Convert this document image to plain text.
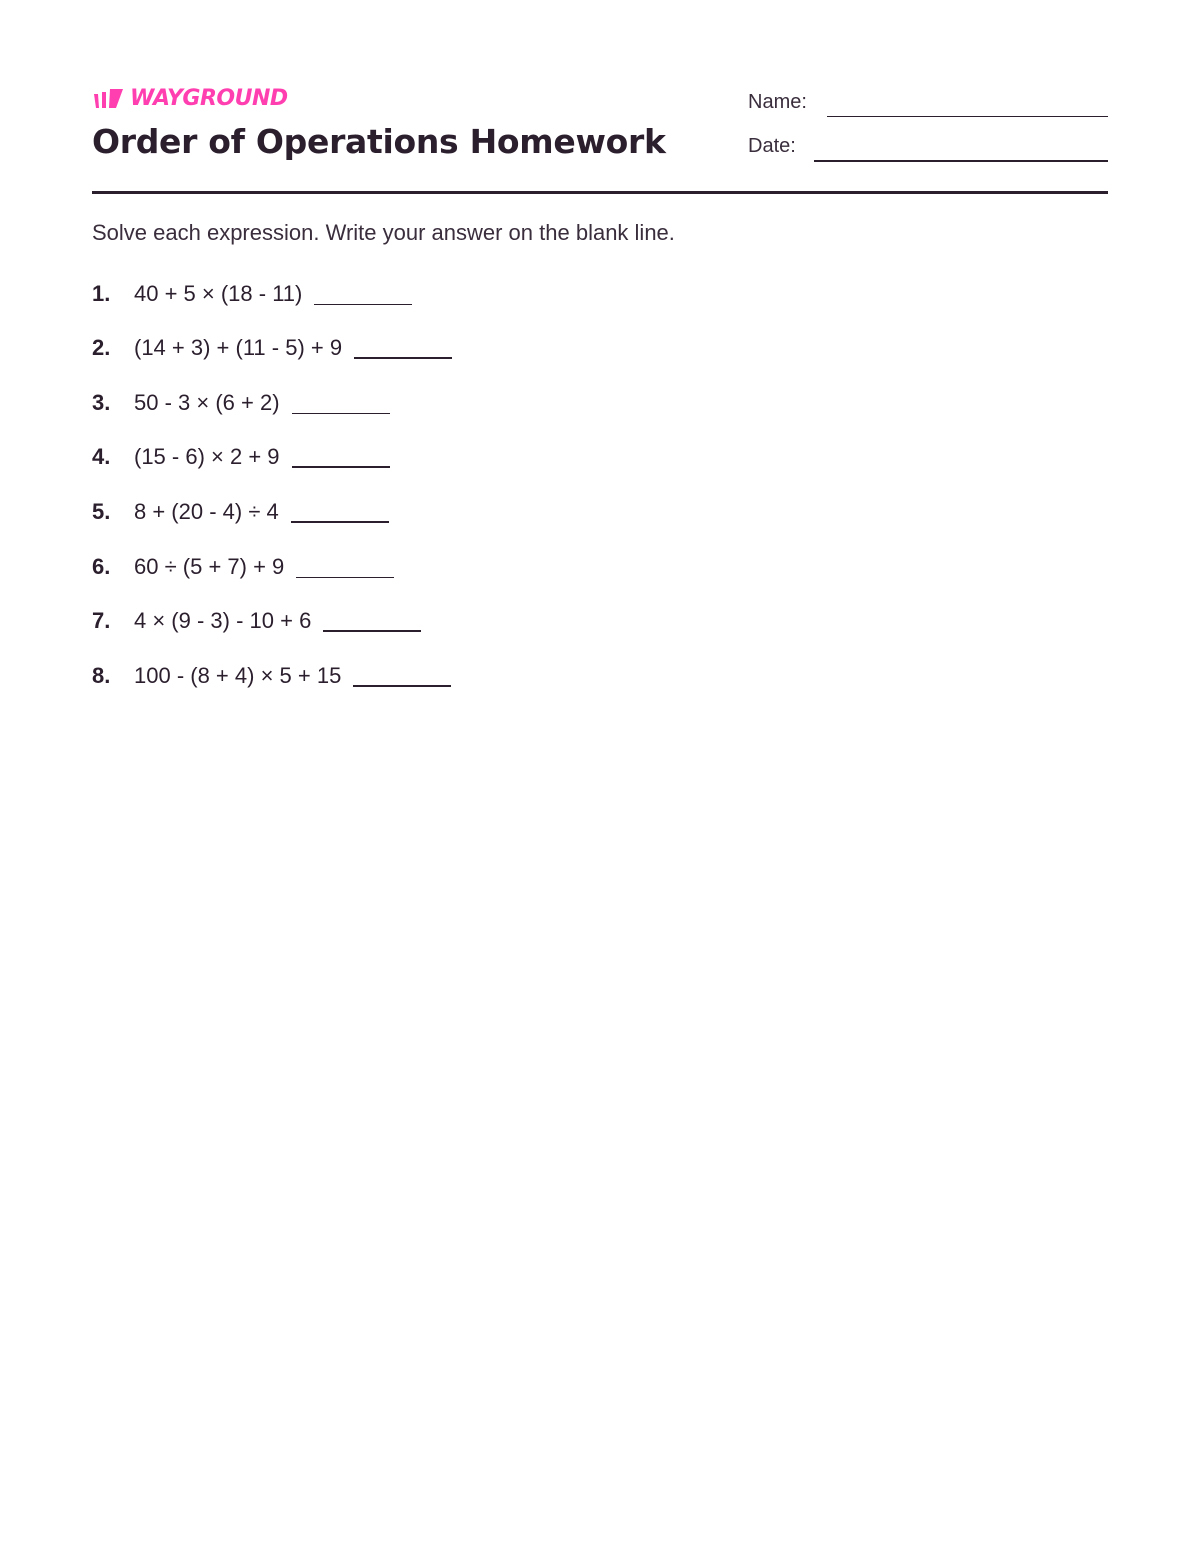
WAYGROUND
Order of Operations Homework
Name:
Date:
Solve each expression. Write your answer on the blank line.
1.	40 + 5 × (18 - 11)
2.	(14 + 3) + (11 - 5) + 9
3.	50 - 3 × (6 + 2)
4.	(15 - 6) × 2 + 9
5.	8 + (20 - 4) ÷ 4
6.	60 ÷ (5 + 7) + 9
7.	4 × (9 - 3) - 10 + 6
8.	100 - (8 + 4) × 5 + 15
